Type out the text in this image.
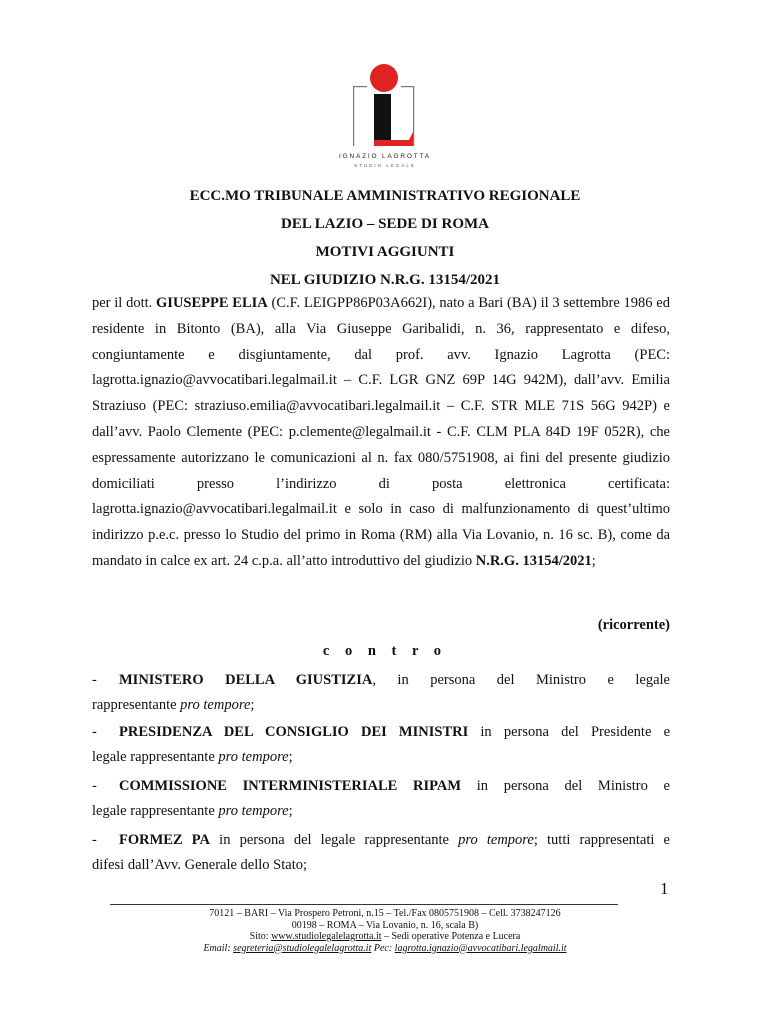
IGNAZIO LAGROTTA
STUDIO LEGALE
ECC.MO TRIBUNALE AMMINISTRATIVO REGIONALE
DEL LAZIO – SEDE DI ROMA
MOTIVI AGGIUNTI
NEL GIUDIZIO N.R.G. 13154/2021

per il dott. GIUSEPPE ELIA (C.F. LEIGPP86P03A662I), nato a Bari (BA) il 3 settembre 1986 ed residente in Bitonto (BA), alla Via Giuseppe Garibalidi, n. 36, rappresentato e difeso, congiuntamente e disgiuntamente, dal prof. avv. Ignazio Lagrotta (PEC: lagrotta.ignazio@avvocatibari.legalmail.it – C.F. LGR GNZ 69P 14G 942M), dall’avv. Emilia Straziuso (PEC: straziuso.emilia@avvocatibari.legalmail.it – C.F. STR MLE 71S 56G 942P) e dall’avv. Paolo Clemente (PEC: p.clemente@legalmail.it - C.F. CLM PLA 84D 19F 052R), che espressamente autorizzano le comunicazioni al n. fax 080/5751908, ai fini del presente giudizio domiciliati presso l’indirizzo di posta elettronica certificata: lagrotta.ignazio@avvocatibari.legalmail.it e solo in caso di malfunzionamento di quest’ultimo indirizzo p.e.c. presso lo Studio del primo in Roma (RM) alla Via Lovanio, n. 16 sc. B), come da mandato in calce ex art. 24 c.p.a. all’atto introduttivo del giudizio N.R.G. 13154/2021;

(ricorrente)
c o n t r o
-	MINISTERO DELLA GIUSTIZIA, in persona del Ministro e legale
rappresentante pro tempore;
-	PRESIDENZA DEL CONSIGLIO DEI MINISTRI in persona del Presidente e
legale rappresentante pro tempore;
-	COMMISSIONE INTERMINISTERIALE RIPAM in persona del Ministro e
legale rappresentante pro tempore;
-	FORMEZ PA in persona del legale rappresentante pro tempore; tutti rappresentati e
difesi dall’Avv. Generale dello Stato;
1
70121 – BARI – Via Prospero Petroni, n.15 – Tel./Fax 0805751908 – Cell. 3738247126
00198 – ROMA – Via Lovanio, n. 16, scala B)
Sito: www.studiolegalelagrotta.it – Sedi operative Potenza e Lucera
Email: segreteria@studiolegalelagrotta.it Pec: lagrotta.ignazio@avvocatibari.legalmail.it
